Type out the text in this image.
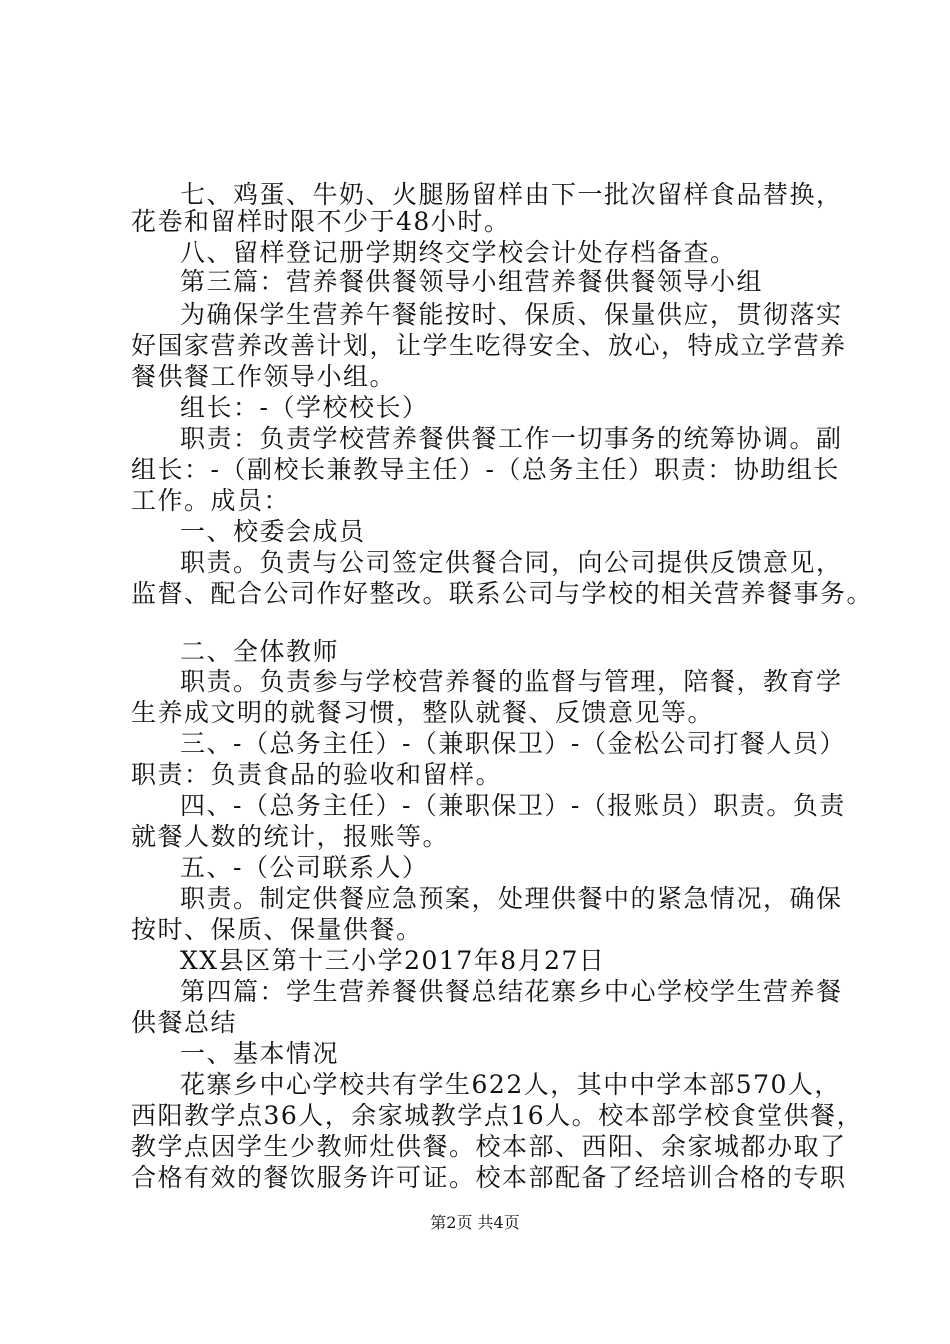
七、鸡蛋、牛奶、火腿肠留样由下一批次留样食品替换，
花卷和留样时限不少于48小时。
八、留样登记册学期终交学校会计处存档备查。
第三篇：营养餐供餐领导小组营养餐供餐领导小组
为确保学生营养午餐能按时、保质、保量供应，贯彻落实
好国家营养改善计划，让学生吃得安全、放心，特成立学营养
餐供餐工作领导小组。
组长：-（学校校长）
职责：负责学校营养餐供餐工作一切事务的统筹协调。副
组长：-（副校长兼教导主任）-（总务主任）职责：协助组长
工作。成员：
一、校委会成员
职责。负责与公司签定供餐合同，向公司提供反馈意见，
监督、配合公司作好整改。联系公司与学校的相关营养餐事务。
二、全体教师
职责。负责参与学校营养餐的监督与管理，陪餐，教育学
生养成文明的就餐习惯，整队就餐、反馈意见等。
三、-（总务主任）-（兼职保卫）-（金松公司打餐人员）
职责：负责食品的验收和留样。
四、-（总务主任）-（兼职保卫）-（报账员）职责。负责
就餐人数的统计，报账等。
五、-（公司联系人）
职责。制定供餐应急预案，处理供餐中的紧急情况，确保
按时、保质、保量供餐。
XX县区第十三小学2017年8月27日
第四篇：学生营养餐供餐总结花寨乡中心学校学生营养餐
供餐总结
一、基本情况
花寨乡中心学校共有学生622人，其中中学本部570人，
西阳教学点36人，余家城教学点16人。校本部学校食堂供餐，
教学点因学生少教师灶供餐。校本部、西阳、余家城都办取了
合格有效的餐饮服务许可证。校本部配备了经培训合格的专职
第2页 共4页
